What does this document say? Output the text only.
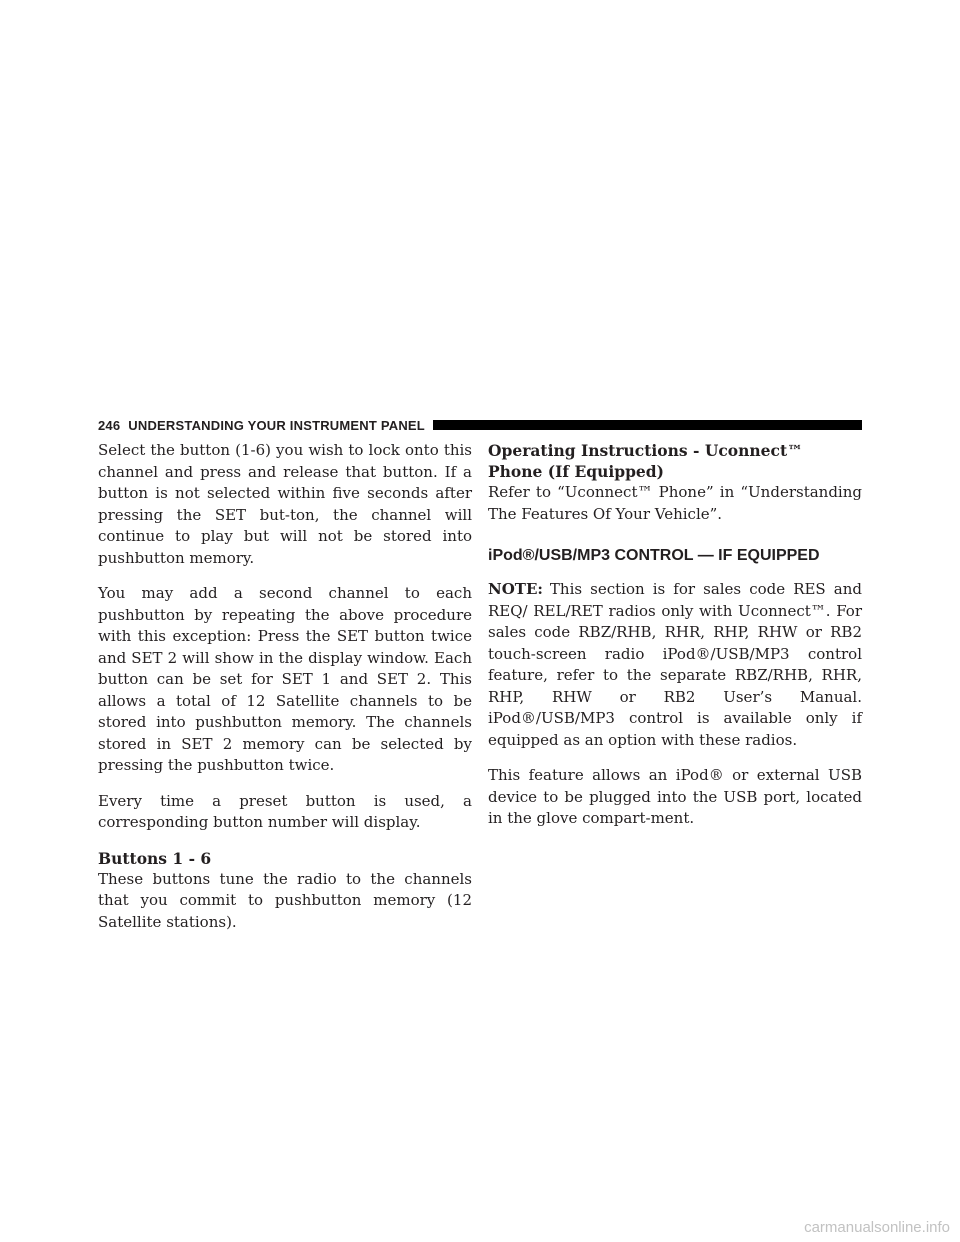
246 UNDERSTANDING YOUR INSTRUMENT PANEL

Select the button (1-6) you wish to lock onto this channel and press and release that button. If a button is not selected within five seconds after pressing the SET but-ton, the channel will continue to play but will not be stored into pushbutton memory.

You may add a second channel to each pushbutton by repeating the above procedure with this exception: Press the SET button twice and SET 2 will show in the display window. Each button can be set for SET 1 and SET 2. This allows a total of 12 Satellite channels to be stored into pushbutton memory. The channels stored in SET 2 memory can be selected by pressing the pushbutton twice.

Every time a preset button is used, a corresponding button number will display.

Buttons 1 - 6

These buttons tune the radio to the channels that you commit to pushbutton memory (12 Satellite stations).

Operating Instructions - Uconnect™ Phone (If Equipped)

Refer to “Uconnect™ Phone” in “Understanding The Features Of Your Vehicle”.

iPod®/USB/MP3 CONTROL — IF EQUIPPED

NOTE: This section is for sales code RES and REQ/ REL/RET radios only with Uconnect™. For sales code RBZ/RHB, RHR, RHP, RHW or RB2 touch-screen radio iPod®/USB/MP3 control feature, refer to the separate RBZ/RHB, RHR, RHP, RHW or RB2 User’s Manual. iPod®/USB/MP3 control is available only if equipped as an option with these radios.

This feature allows an iPod® or external USB device to be plugged into the USB port, located in the glove compart-ment.

carmanualsonline.info
